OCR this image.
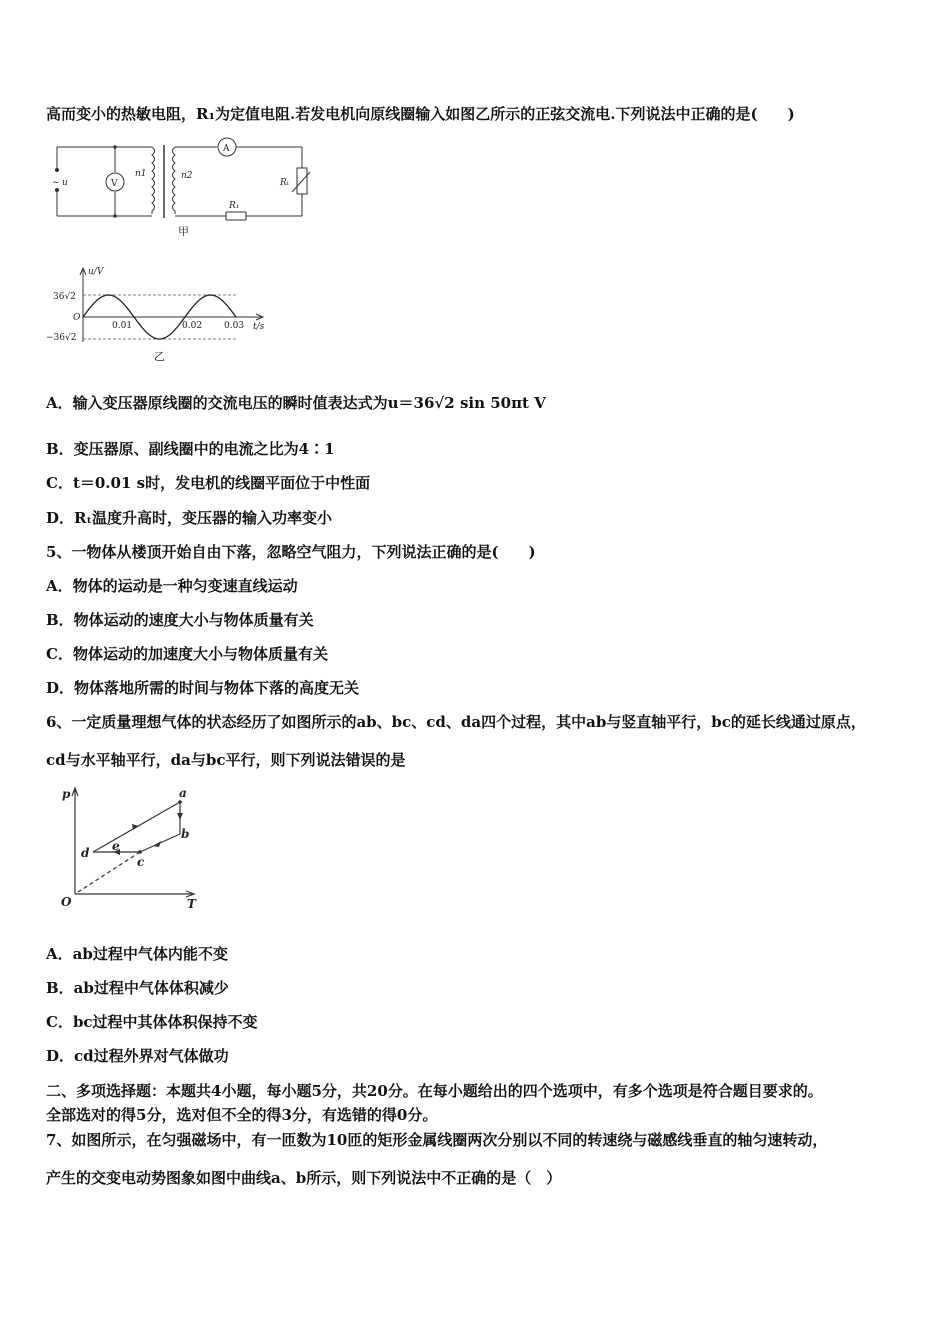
高而变小的热敏电阻，R₁为定值电阻.若发电机向原线圈输入如图乙所示的正弦交流电.下列说法中正确的是(　　)
~ u	V
n1	n2
A
Rₜ
R₁
甲
u/V
t/s
36√2
O
−36√2
0.01	0.02 0.03
乙
A．输入变压器原线圈的交流电压的瞬时值表达式为u＝36√2 sin 50πt V
B．变压器原、副线圈中的电流之比为4∶1
C．t＝0.01 s时，发电机的线圈平面位于中性面
D．Rₜ温度升高时，变压器的输入功率变小
5、一物体从楼顶开始自由下落，忽略空气阻力，下列说法正确的是(　　)
A．物体的运动是一种匀变速直线运动
B．物体运动的速度大小与物体质量有关
C．物体运动的加速度大小与物体质量有关
D．物体落地所需的时间与物体下落的高度无关
6、一定质量理想气体的状态经历了如图所示的ab、bc、cd、da四个过程，其中ab与竖直轴平行，bc的延长线通过原点，
cd与水平轴平行，da与bc平行，则下列说法错误的是
p
T
O
a
b
c
d e
A．ab过程中气体内能不变
B．ab过程中气体体积减少
C．bc过程中其体体积保持不变
D．cd过程外界对气体做功
二、多项选择题：本题共4小题，每小题5分，共20分。在每小题给出的四个选项中，有多个选项是符合题目要求的。
全部选对的得5分，选对但不全的得3分，有选错的得0分。
7、如图所示，在匀强磁场中，有一匝数为10匝的矩形金属线圈两次分别以不同的转速绕与磁感线垂直的轴匀速转动，
产生的交变电动势图象如图中曲线a、b所示，则下列说法中不正确的是（　）
